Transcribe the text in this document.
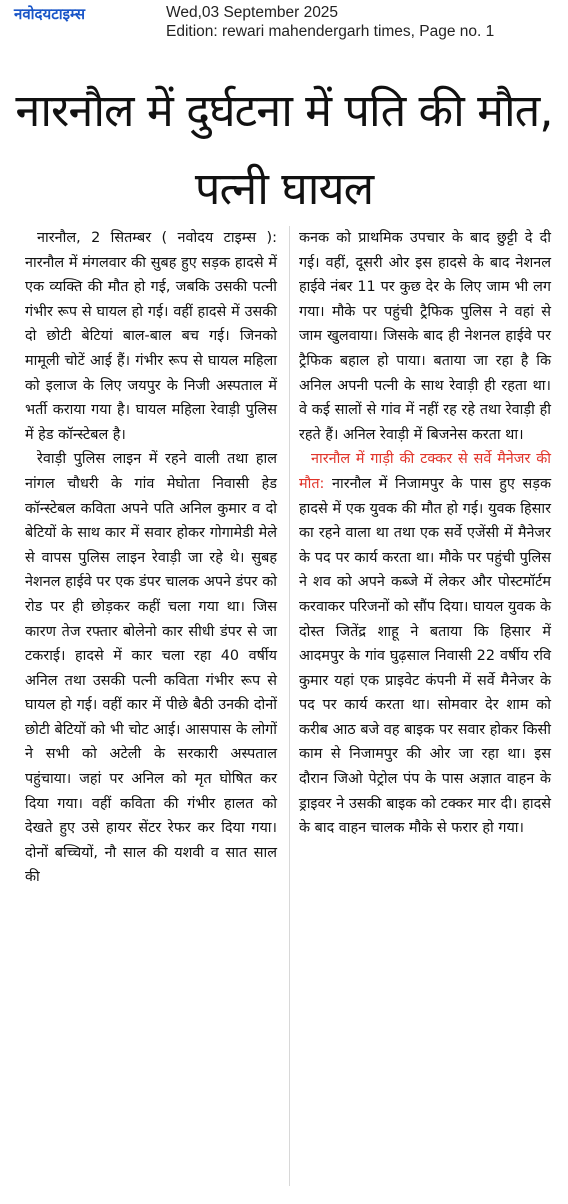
नवोदयटाइम्स	Wed,03 September 2025
Edition: rewari mahendergarh times, Page no. 1
नारनौल में दुर्घटना में पति की मौत, पत्नी घायल

नारनौल, 2 सितम्बर ( नवोदय टाइम्स ): नारनौल में मंगलवार की सुबह हुए सड़क हादसे में एक व्यक्ति की मौत हो गई, जबकि उसकी पत्नी गंभीर रूप से घायल हो गई। वहीं हादसे में उसकी दो छोटी बेटियां बाल-बाल बच गई। जिनको मामूली चोटें आई हैं। गंभीर रूप से घायल महिला को इलाज के लिए जयपुर के निजी अस्पताल में भर्ती कराया गया है। घायल महिला रेवाड़ी पुलिस में हेड कॉन्स्टेबल है।

रेवाड़ी पुलिस लाइन में रहने वाली तथा हाल नांगल चौधरी के गांव मेघोता निवासी हेड कॉन्स्टेबल कविता अपने पति अनिल कुमार व दो बेटियों के साथ कार में सवार होकर गोगामेडी मेले से वापस पुलिस लाइन रेवाड़ी जा रहे थे। सुबह नेशनल हाईवे पर एक डंपर चालक अपने डंपर को रोड पर ही छोड़कर कहीं चला गया था। जिस कारण तेज रफ्तार बोलेनो कार सीधी डंपर से जा टकराई। हादसे में कार चला रहा 40 वर्षीय अनिल तथा उसकी पत्नी कविता गंभीर रूप से घायल हो गई। वहीं कार में पीछे बैठी उनकी दोनों छोटी बेटियों को भी चोट आई। आसपास के लोगों ने सभी को अटेली के सरकारी अस्पताल पहुंचाया। जहां पर अनिल को मृत घोषित कर दिया गया। वहीं कविता की गंभीर हालत को देखते हुए उसे हायर सेंटर रेफर कर दिया गया। दोनों बच्चियों, नौ साल की यशवी व सात साल की

कनक को प्राथमिक उपचार के बाद छुट्टी दे दी गई। वहीं, दूसरी ओर इस हादसे के बाद नेशनल हाईवे नंबर 11 पर कुछ देर के लिए जाम भी लग गया। मौके पर पहुंची ट्रैफिक पुलिस ने वहां से जाम खुलवाया। जिसके बाद ही नेशनल हाईवे पर ट्रैफिक बहाल हो पाया। बताया जा रहा है कि अनिल अपनी पत्नी के साथ रेवाड़ी ही रहता था। वे कई सालों से गांव में नहीं रह रहे तथा रेवाड़ी ही रहते हैं। अनिल रेवाड़ी में बिजनेस करता था।

नारनौल में गाड़ी की टक्कर से सर्वे मैनेजर की मौत: नारनौल में निजामपुर के पास हुए सड़क हादसे में एक युवक की मौत हो गई। युवक हिसार का रहने वाला था तथा एक सर्वे एजेंसी में मैनेजर के पद पर कार्य करता था। मौके पर पहुंची पुलिस ने शव को अपने कब्जे में लेकर और पोस्टमॉर्टम करवाकर परिजनों को सौंप दिया। घायल युवक के दोस्त जितेंद्र शाहू ने बताया कि हिसार में आदमपुर के गांव घुढ़साल निवासी 22 वर्षीय रवि कुमार यहां एक प्राइवेट कंपनी में सर्वे मैनेजर के पद पर कार्य करता था। सोमवार देर शाम को करीब आठ बजे वह बाइक पर सवार होकर किसी काम से निजामपुर की ओर जा रहा था। इस दौरान जिओ पेट्रोल पंप के पास अज्ञात वाहन के ड्राइवर ने उसकी बाइक को टक्कर मार दी। हादसे के बाद वाहन चालक मौके से फरार हो गया।
